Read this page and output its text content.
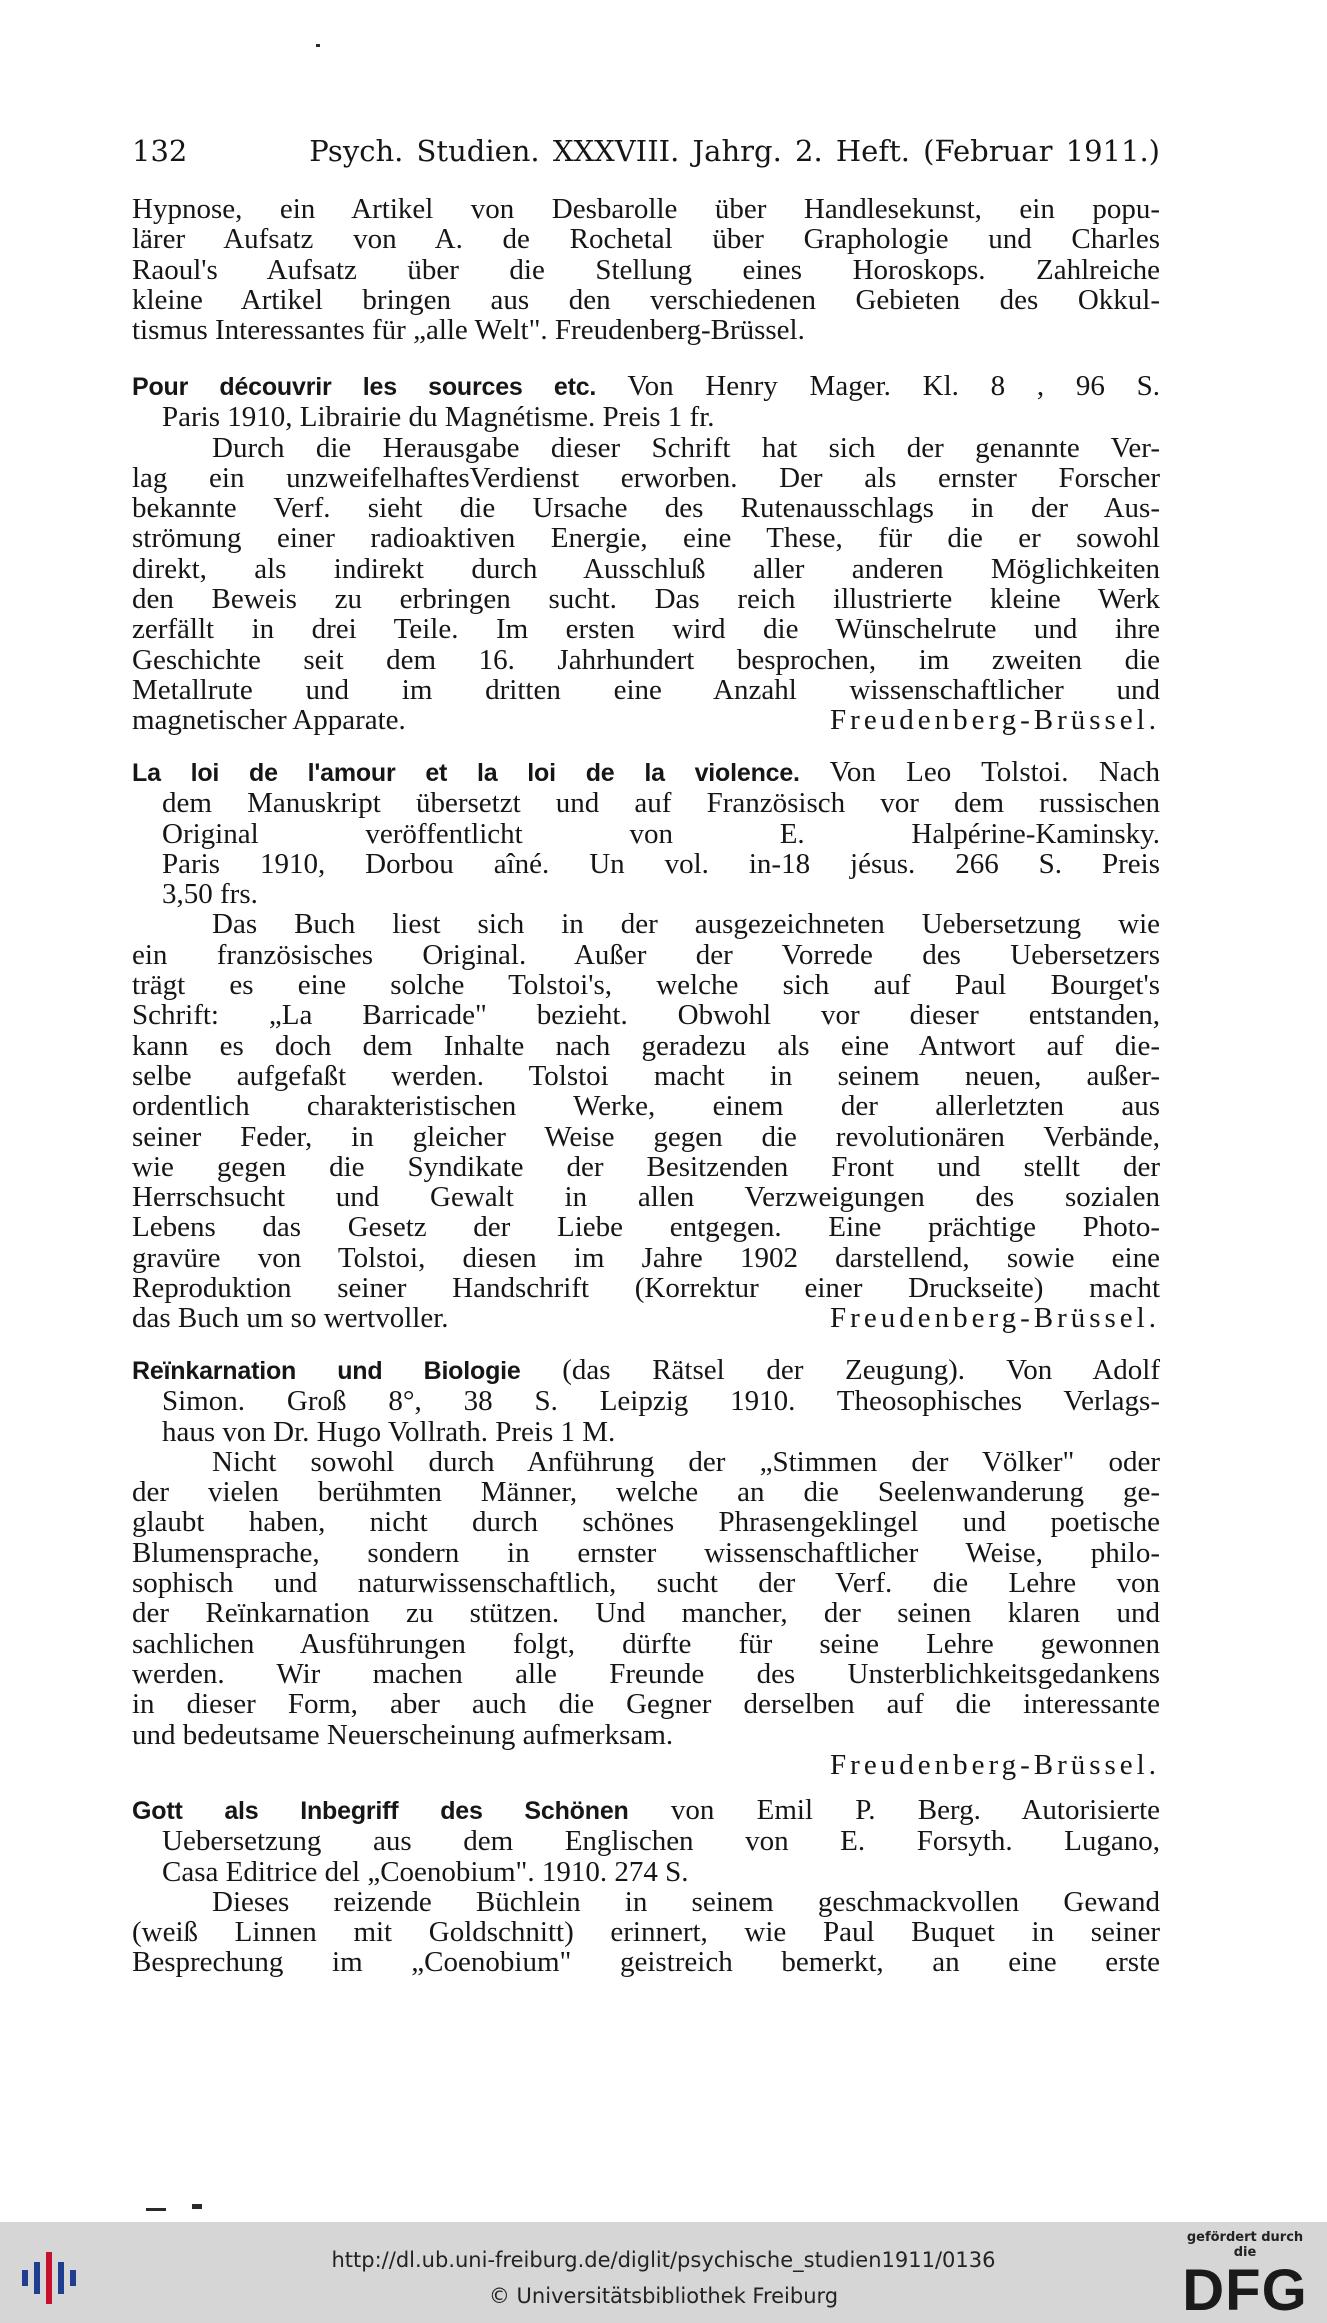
132	Psych. Studien. XXXVIII. Jahrg. 2. Heft. (Februar 1911.)
Hypnose, ein Artikel von Desbarolle über Handlesekunst, ein popu-
lärer Aufsatz von A. de Rochetal über Graphologie und Charles
Raoul's Aufsatz über die Stellung eines Horoskops. Zahlreiche
kleine Artikel bringen aus den verschiedenen Gebieten des Okkul-
tismus Interessantes für „alle Welt". Freudenberg-Brüssel.
Pour découvrir les sources etc. Von Henry Mager. Kl. 8 , 96 S.
Paris 1910, Librairie du Magnétisme. Preis 1 fr.
Durch die Herausgabe dieser Schrift hat sich der genannte Ver-
lag ein unzweifelhaftesVerdienst erworben. Der als ernster Forscher
bekannte Verf. sieht die Ursache des Rutenausschlags in der Aus-
strömung einer radioaktiven Energie, eine These, für die er sowohl
direkt, als indirekt durch Ausschluß aller anderen Möglichkeiten
den Beweis zu erbringen sucht. Das reich illustrierte kleine Werk
zerfällt in drei Teile. Im ersten wird die Wünschelrute und ihre
Geschichte seit dem 16. Jahrhundert besprochen, im zweiten die
Metallrute und im dritten eine Anzahl wissenschaftlicher und
magnetischer Apparate.	Freudenberg-Brüssel.
La loi de l'amour et la loi de la violence. Von Leo Tolstoi. Nach
dem Manuskript übersetzt und auf Französisch vor dem russischen
Original veröffentlicht von E. Halpérine-Kaminsky.
Paris 1910, Dorbou aîné. Un vol. in-18 jésus. 266 S. Preis
3,50 frs.
Das Buch liest sich in der ausgezeichneten Uebersetzung wie
ein französisches Original. Außer der Vorrede des Uebersetzers
trägt es eine solche Tolstoi's, welche sich auf Paul Bourget's
Schrift: „La Barricade" bezieht. Obwohl vor dieser entstanden,
kann es doch dem Inhalte nach geradezu als eine Antwort auf die-
selbe aufgefaßt werden. Tolstoi macht in seinem neuen, außer-
ordentlich charakteristischen Werke, einem der allerletzten aus
seiner Feder, in gleicher Weise gegen die revolutionären Verbände,
wie gegen die Syndikate der Besitzenden Front und stellt der
Herrschsucht und Gewalt in allen Verzweigungen des sozialen
Lebens das Gesetz der Liebe entgegen. Eine prächtige Photo-
gravüre von Tolstoi, diesen im Jahre 1902 darstellend, sowie eine
Reproduktion seiner Handschrift (Korrektur einer Druckseite) macht
das Buch um so wertvoller.	Freudenberg-Brüssel.
Reïnkarnation und Biologie (das Rätsel der Zeugung). Von Adolf
Simon. Groß 8°, 38 S. Leipzig 1910. Theosophisches Verlags-
haus von Dr. Hugo Vollrath. Preis 1 M.
Nicht sowohl durch Anführung der „Stimmen der Völker" oder
der vielen berühmten Männer, welche an die Seelenwanderung ge-
glaubt haben, nicht durch schönes Phrasengeklingel und poetische
Blumensprache, sondern in ernster wissenschaftlicher Weise, philo-
sophisch und naturwissenschaftlich, sucht der Verf. die Lehre von
der Reïnkarnation zu stützen. Und mancher, der seinen klaren und
sachlichen Ausführungen folgt, dürfte für seine Lehre gewonnen
werden. Wir machen alle Freunde des Unsterblichkeitsgedankens
in dieser Form, aber auch die Gegner derselben auf die interessante
und bedeutsame Neuerscheinung aufmerksam.
Freudenberg-Brüssel.
Gott als Inbegriff des Schönen von Emil P. Berg. Autorisierte
Uebersetzung aus dem Englischen von E. Forsyth. Lugano,
Casa Editrice del „Coenobium". 1910. 274 S.
Dieses reizende Büchlein in seinem geschmackvollen Gewand
(weiß Linnen mit Goldschnitt) erinnert, wie Paul Buquet in seiner
Besprechung im „Coenobium" geistreich bemerkt, an eine erste
http://dl.ub.uni-freiburg.de/diglit/psychische_studien1911/0136
© Universitätsbibliothek Freiburg
gefördert durch die
DFG
